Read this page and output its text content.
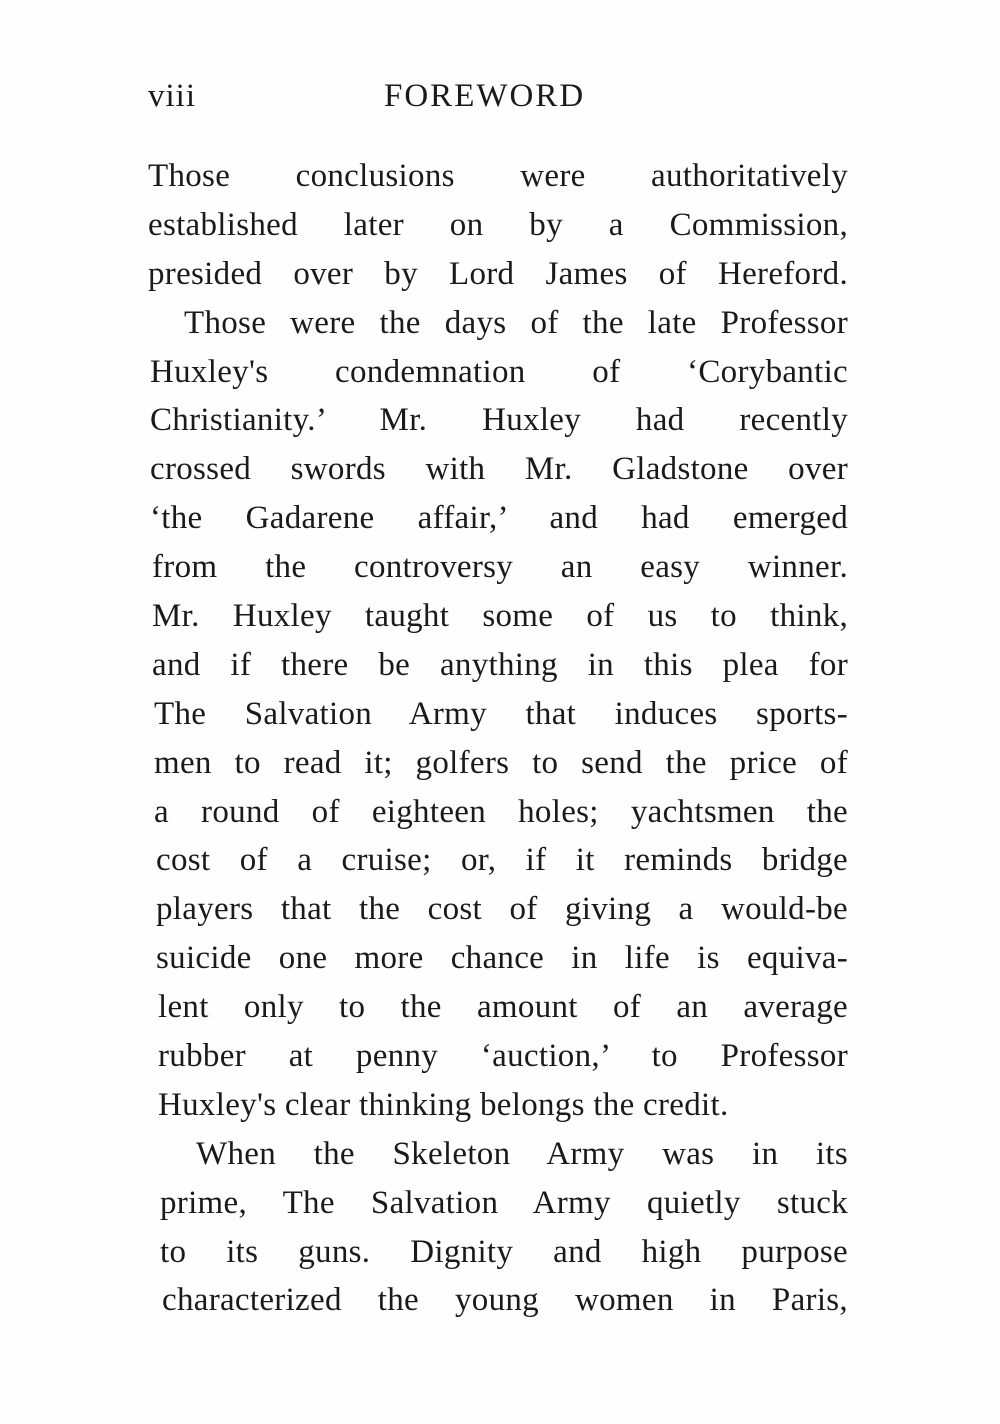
viii	FOREWORD
Those conclusions were authoritatively
established later on by a Commission,
presided over by Lord James of Hereford.
Those were the days of the late Professor
Huxley's condemnation of ‘Corybantic
Christianity.’ Mr. Huxley had recently
crossed swords with Mr. Gladstone over
‘the Gadarene affair,’ and had emerged
from the controversy an easy winner.
Mr. Huxley taught some of us to think,
and if there be anything in this plea for
The Salvation Army that induces sports-
men to read it; golfers to send the price of
a round of eighteen holes; yachtsmen the
cost of a cruise; or, if it reminds bridge
players that the cost of giving a would-be
suicide one more chance in life is equiva-
lent only to the amount of an average
rubber at penny ‘auction,’ to Professor
Huxley's clear thinking belongs the credit.
When the Skeleton Army was in its
prime, The Salvation Army quietly stuck
to its guns. Dignity and high purpose
characterized the young women in Paris,
